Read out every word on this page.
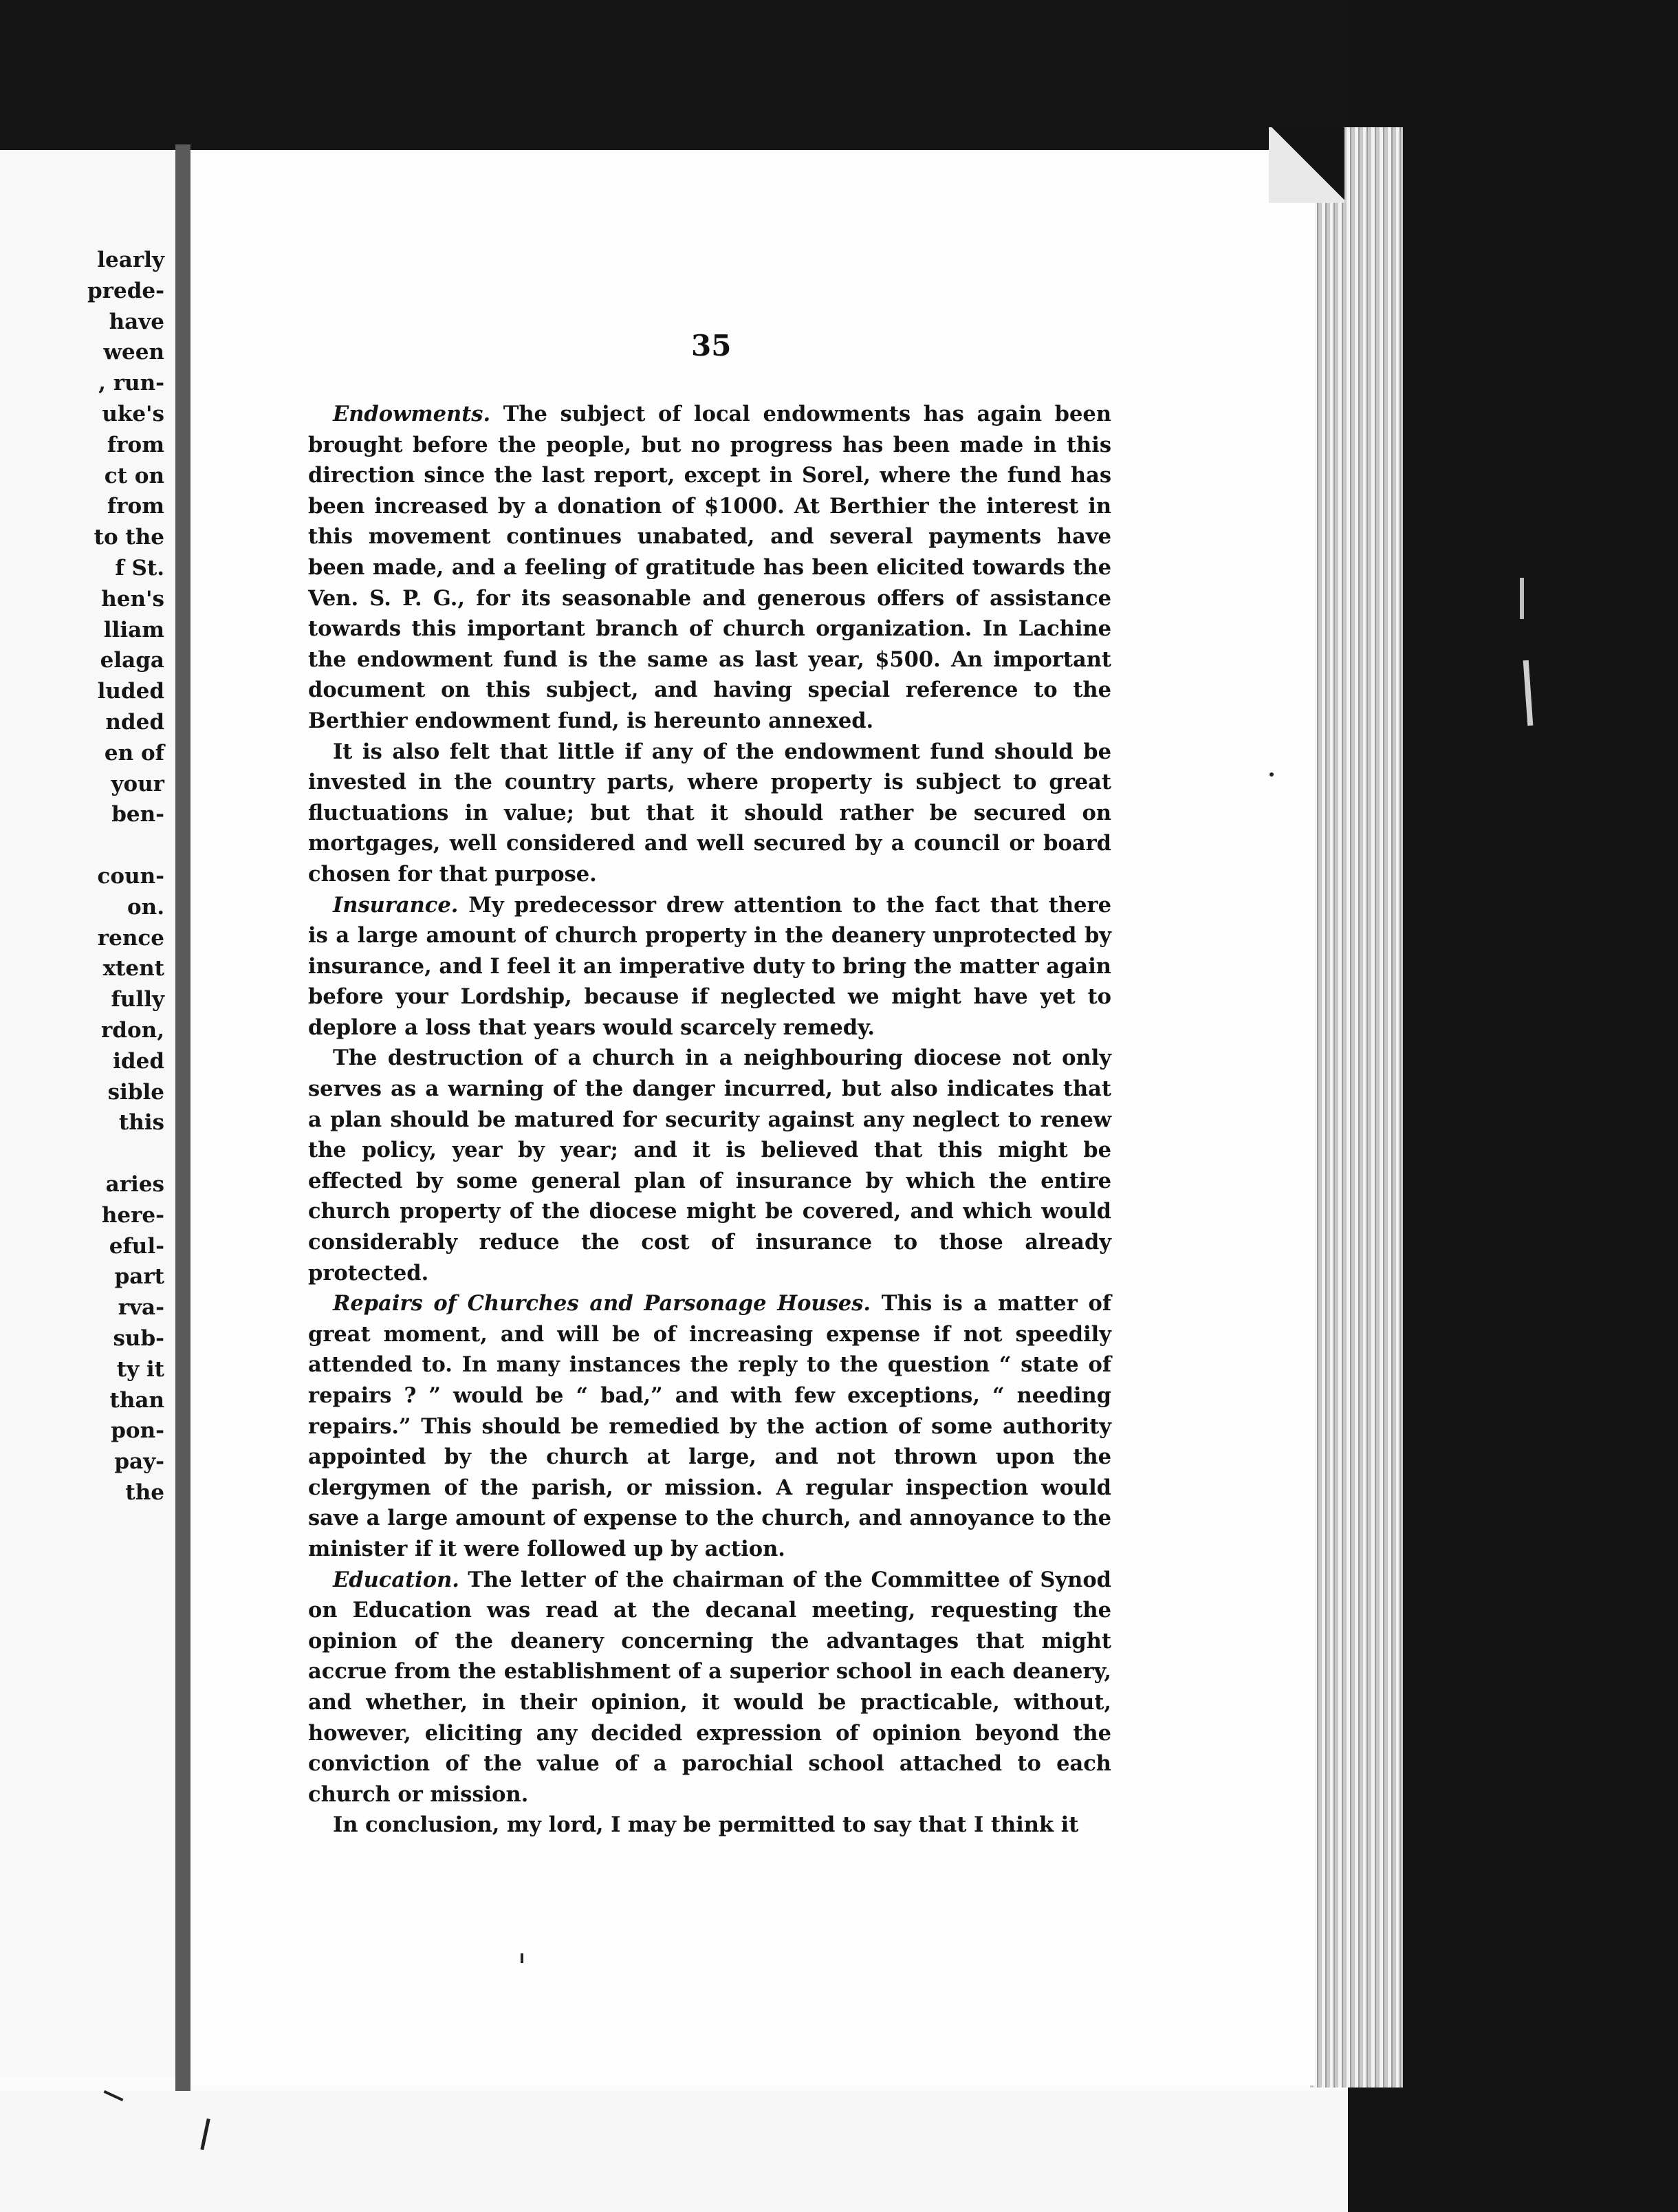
learly
prede-
have
ween
, run-
uke's
from
ct on
from
to the
f St.
hen's
lliam
elaga
luded
nded
en of
your
ben-
coun-
on.
rence
xtent
fully
rdon,
ided
sible
this
aries
here-
eful-
part
rva-
sub-
ty it
than
pon-
pay-
the
35

Endowments. The subject of local endowments has again been brought before the people, but no progress has been made in this direction since the last report, except in Sorel, where the fund has been increased by a donation of $1000. At Berthier the interest in this movement continues unabated, and several payments have been made, and a feeling of gratitude has been elicited towards the Ven. S. P. G., for its seasonable and generous offers of assistance towards this important branch of church organization. In Lachine the endowment fund is the same as last year, $500. An important document on this subject, and having special reference to the Berthier endowment fund, is hereunto annexed.

It is also felt that little if any of the endowment fund should be invested in the country parts, where property is subject to great fluctuations in value; but that it should rather be secured on mortgages, well considered and well secured by a council or board chosen for that purpose.

Insurance. My predecessor drew attention to the fact that there is a large amount of church property in the deanery unprotected by insurance, and I feel it an imperative duty to bring the matter again before your Lordship, because if neglected we might have yet to deplore a loss that years would scarcely remedy.

The destruction of a church in a neighbouring diocese not only serves as a warning of the danger incurred, but also indicates that a plan should be matured for security against any neglect to renew the policy, year by year; and it is believed that this might be effected by some general plan of insurance by which the entire church property of the diocese might be covered, and which would considerably reduce the cost of insurance to those already protected.

Repairs of Churches and Parsonage Houses. This is a matter of great moment, and will be of increasing expense if not speedily attended to. In many instances the reply to the question “ state of repairs ? ” would be “ bad,” and with few exceptions, “ needing repairs.” This should be remedied by the action of some authority appointed by the church at large, and not thrown upon the clergymen of the parish, or mission. A regular inspection would save a large amount of expense to the church, and annoyance to the minister if it were followed up by action.

Education. The letter of the chairman of the Committee of Synod on Education was read at the decanal meeting, requesting the opinion of the deanery concerning the advantages that might accrue from the establishment of a superior school in each deanery, and whether, in their opinion, it would be practicable, without, however, eliciting any decided expression of opinion beyond the conviction of the value of a parochial school attached to each church or mission.

In conclusion, my lord, I may be permitted to say that I think it
